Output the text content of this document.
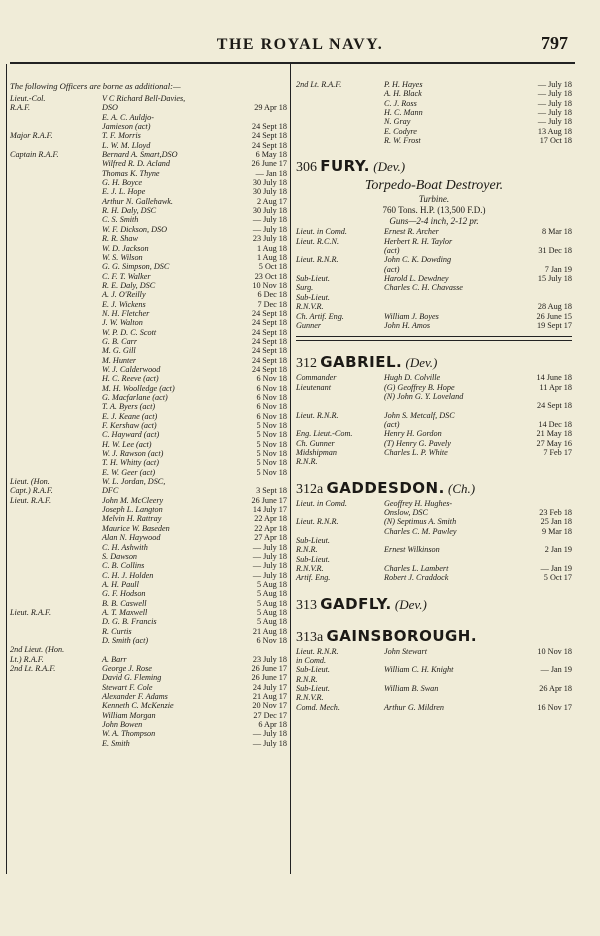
THE ROYAL NAVY.	797
The following Officers are borne as additional:—
Lieut.-Col.	V C Richard Bell-Davies,
R.A.F.	DSO	29 Apr 18
E. A. C. Auldjo-
Jamieson (act)	24 Sept 18
Major R.A.F.	T. F. Morris	24 Sept 18
L. W. M. Lloyd	24 Sept 18
Captain R.A.F.	Bernard A. Smart,DSO	6 May 18
Wilfred R. D. Acland	26 June 17
Thomas K. Thyne	— Jan 18
G. H. Boyce	30 July 18
E. J. L. Hope	30 July 18
Arthur N. Gallehawk.	2 Aug 17
R. H. Daly, DSC	30 July 18
C. S. Smith	— July 18
W. F. Dickson, DSO	— July 18
R. R. Shaw	23 July 18
W. D. Jackson	1 Aug 18
W. S. Wilson	1 Aug 18
G. G. Simpson, DSC	5 Oct 18
C. F. T. Walker	23 Oct 18
R. E. Daly, DSC	10 Nov 18
A. J. O'Reilly	6 Dec 18
E. J. Wickens	7 Dec 18
N. H. Fletcher	24 Sept 18
J. W. Walton	24 Sept 18
W. P. D. C. Scott	24 Sept 18
G. B. Carr	24 Sept 18
M. G. Gill	24 Sept 18
M. Hunter	24 Sept 18
W. J. Calderwood	24 Sept 18
H. C. Reeve (act)	6 Nov 18
M. H. Woolledge (act)	6 Nov 18
G. Macfarlane (act)	6 Nov 18
T. A. Byers (act)	6 Nov 18
E. J. Keane (act)	6 Nov 18
F. Kershaw (act)	5 Nov 18
C. Hayward (act)	5 Nov 18
H. W. Lee (act)	5 Nov 18
W. J. Rawson (act)	5 Nov 18
T. H. Whitty (act)	5 Nov 18
E. W. Geer (act)	5 Nov 18
Lieut. (Hon.	W. L. Jordan, DSC,
Capt.) R.A.F.	DFC	3 Sept 18
Lieut. R.A.F.	John M. McCleery	26 June 17
Joseph L. Langton	14 July 17
Melvin H. Rattray	22 Apr 18
Maurice W. Baseden	22 Apr 18
Alan N. Haywood	27 Apr 18
C. H. Ashwith	— July 18
S. Dawson	— July 18
C. B. Collins	— July 18
C. H. J. Holden	— July 18
A. H. Paull	5 Aug 18
G. F. Hodson	5 Aug 18
B. B. Caswell	5 Aug 18
Lieut. R.A.F.	A. T. Maxwell	5 Aug 18
D. G. B. Francis	5 Aug 18
R. Curtis	21 Aug 18
D. Smith (act)	6 Nov 18
2nd Lieut. (Hon.
Lt.) R.A.F.	A. Barr	23 July 18
2nd Lt. R.A.F.	George J. Rose	26 June 17
David G. Fleming	26 June 17
Stewart F. Cole	24 July 17
Alexander F. Adams	21 Aug 17
Kenneth C. McKenzie	20 Nov 17
William Morgan	27 Dec 17
John Bowen	6 Apr 18
W. A. Thompson	— July 18
E. Smith	— July 18
2nd Lt. R.A.F.	P. H. Hayes	— July 18
A. H. Black	— July 18
C. J. Ross	— July 18
H. C. Mann	— July 18
N. Gray	— July 18
E. Codyre	13 Aug 18
R. W. Frost	17 Oct 18
306 FURY. (Dev.)
Torpedo-Boat Destroyer.
Turbine.
760 Tons. H.P. (13,500 F.D.)
Guns—2-4 inch, 2-12 pr.
Lieut. in Comd.	Ernest R. Archer	8 Mar 18
Lieut. R.C.N.	Herbert R. H. Taylor
(act)	31 Dec 18
Lieut. R.N.R.	John C. K. Dowding
(act)	7 Jan 19
Sub-Lieut.	Harold L. Dewdney	15 July 18
Surg.	Charles C. H. Chavasse
Sub-Lieut.
R.N.V.R.	28 Aug 18
Ch. Artif. Eng.	William J. Boyes	26 June 15
Gunner	John H. Amos	19 Sept 17
312 GABRIEL. (Dev.)
Commander	Hugh D. Colville	14 June 18
Lieutenant	(G) Geoffrey B. Hope	11 Apr 18
(N) John G. Y. Loveland
24 Sept 18
Lieut. R.N.R.	John S. Metcalf, DSC
(act)	14 Dec 18
Eng. Lieut.-Com.	Henry H. Gordon	21 May 18
Ch. Gunner	(T) Henry G. Pavely	27 May 16
Midshipman	Charles L. P. White	7 Feb 17
R.N.R.
312a GADDESDON. (Ch.)
Lieut. in Comd.	Geoffrey H. Hughes-
Onslow, DSC	23 Feb 18
Lieut. R.N.R.	(N) Septimus A. Smith	25 Jan 18
Charles C. M. Pawley	9 Mar 18
Sub-Lieut.
R.N.R.	Ernest Wilkinson	2 Jan 19
Sub-Lieut.
R.N.V.R.	Charles L. Lambert	— Jan 19
Artif. Eng.	Robert J. Craddock	5 Oct 17
313 GADFLY. (Dev.)
313a GAINSBOROUGH.
Lieut. R.N.R.	John Stewart	10 Nov 18
in Comd.
Sub-Lieut.	William C. H. Knight	— Jan 19
R.N.R.
Sub-Lieut.	William B. Swan	26 Apr 18
R.N.V.R.
Comd. Mech.	Arthur G. Mildren	16 Nov 17
